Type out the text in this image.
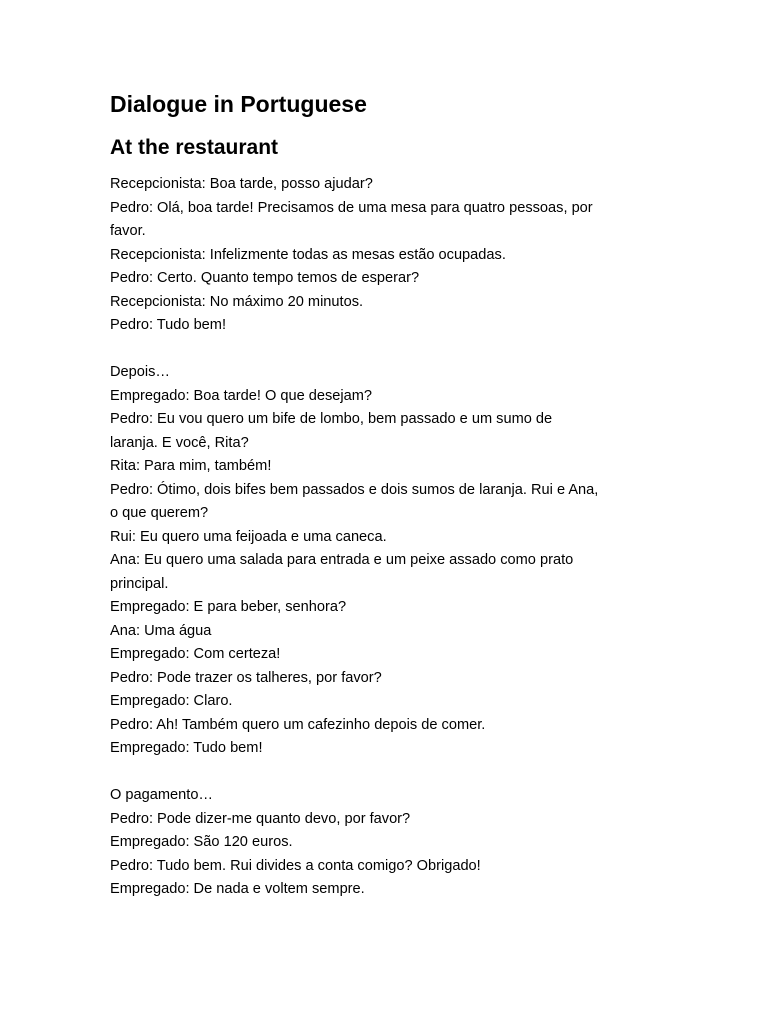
Dialogue in Portuguese
At the restaurant
Recepcionista: Boa tarde, posso ajudar?
Pedro: Olá, boa tarde! Precisamos de uma mesa para quatro pessoas, por
favor.
Recepcionista: Infelizmente todas as mesas estão ocupadas.
Pedro: Certo. Quanto tempo temos de esperar?
Recepcionista: No máximo 20 minutos.
Pedro: Tudo bem!
Depois…
Empregado: Boa tarde! O que desejam?
Pedro: Eu vou quero um bife de lombo, bem passado e um sumo de
laranja. E você, Rita?
Rita: Para mim, também!
Pedro: Ótimo, dois bifes bem passados e dois sumos de laranja. Rui e Ana,
o que querem?
Rui: Eu quero uma feijoada e uma caneca.
Ana: Eu quero uma salada para entrada e um peixe assado como prato
principal.
Empregado: E para beber, senhora?
Ana: Uma água
Empregado: Com certeza!
Pedro: Pode trazer os talheres, por favor?
Empregado: Claro.
Pedro: Ah! Também quero um cafezinho depois de comer.
Empregado: Tudo bem!
O pagamento…
Pedro: Pode dizer-me quanto devo, por favor?
Empregado: São 120 euros.
Pedro: Tudo bem. Rui divides a conta comigo? Obrigado!
Empregado: De nada e voltem sempre.
